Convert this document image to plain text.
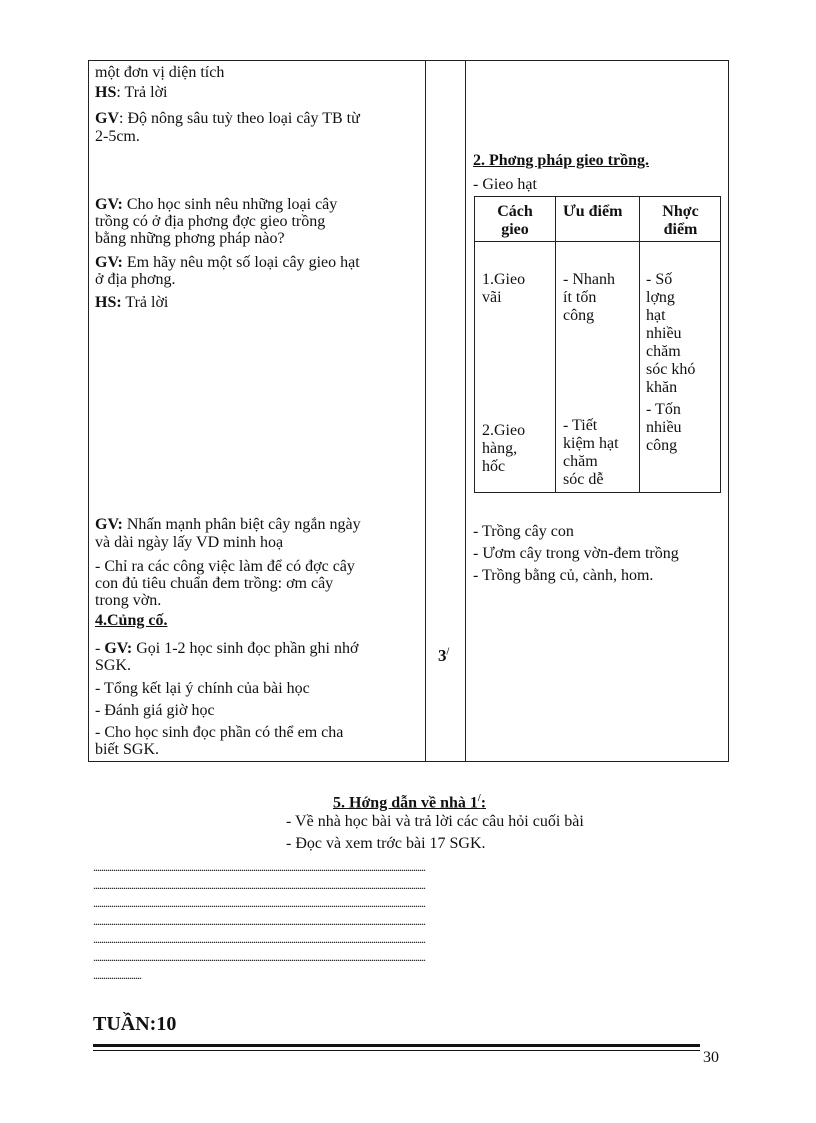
một đơn vị diện tích
HS: Trả lời
GV: Độ nông sâu tuỳ theo loại cây TB từ
2-5cm.
GV: Cho học sinh nêu những loại cây
trồng có ở địa phơng đợc gieo trồng
bằng những phơng pháp nào?
GV: Em hãy nêu một số loại cây gieo hạt
ở địa phơng.
HS: Trả lời
GV: Nhấn mạnh phân biệt cây ngắn ngày
và dài ngày lấy VD minh hoạ
- Chỉ ra các công việc làm để có đợc cây
con đủ tiêu chuẩn đem trồng: ơm cây
trong vờn.
4.Củng cố.
- GV: Gọi 1-2 học sinh đọc phần ghi nhớ
SGK.
- Tổng kết lại ý chính của bài học
- Đánh giá giờ học
- Cho học sinh đọc phần có thể em cha
biết SGK.
3/
2. Phơng pháp gieo trồng.
- Gieo hạt
Cách
gieo
Ưu điểm	Nhợc
điểm
1.Gieo
vãi
- Nhanh
ít tốn
công
- Số
lợng
hạt
nhiều
chăm
sóc khó
khăn
2.Gieo
hàng,
hốc
- Tiết
kiệm hạt
chăm
sóc dễ
- Tốn
nhiều
công
- Trồng cây con
- Ươm cây trong vờn-đem trồng
- Trồng bằng củ, cành, hom.
5. Hớng dẫn về nhà 1/:
- Về nhà học bài và trả lời các câu hỏi cuối bài
- Đọc và xem trớc bài 17 SGK.
......................................................................................................................................................................
......................................................................................................................................................................
......................................................................................................................................................................
......................................................................................................................................................................
......................................................................................................................................................................
......................................................................................................................................................................
........................
TUẦN:10
30
